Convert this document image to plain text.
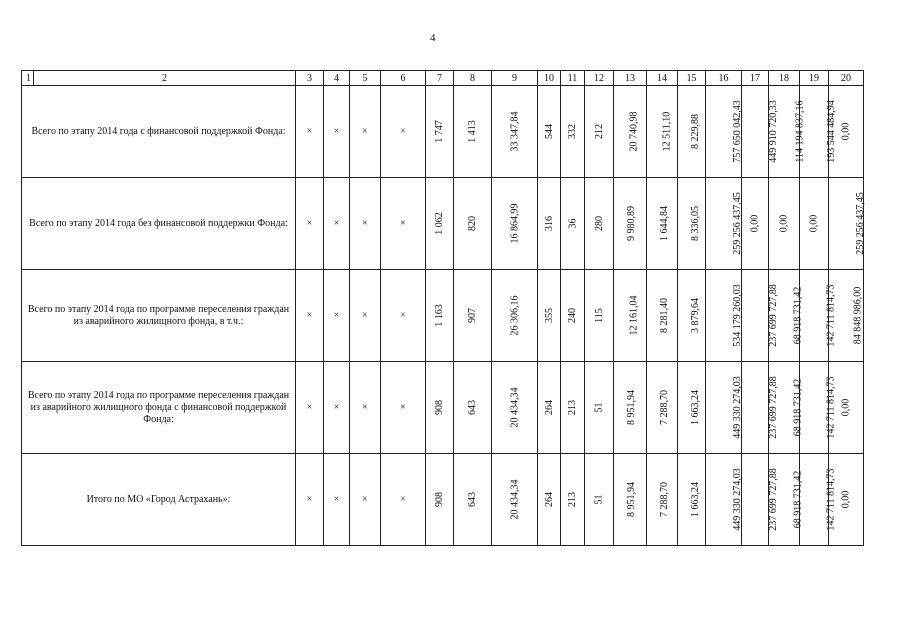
4
1	2	3	4	5	6	7	8	9	10	11	12	13	14	15	16	17	18	19	20
Всего по этапу 2014 года с финансовой поддержкой Фонда:		×	×	×	×	1 747	1 413	33 347,84	544	332	212	20 740,98	12 511,10	8 229,88	757 650 042,43	449 910 720,33	114 194 837,16	193 544 484,94	0,00
Всего по этапу 2014 года без финансовой поддержки Фонда:		×	×	×	×	1 062	820	16 864,99	316	36	280	9 980,89	1 644,84	8 336,05	259 256 437,45	0,00	0,00	0,00	259 256 437,45
Всего по этапу 2014 года по программе переселения граждан из аварийного жилищного фонда, в т.ч.:		×	×	×	×	1 163	907	26 306,16	355	240	115	12 161,04	8 281,40	3 879,64	534 179 260,03	237 699 727,88	68 918 731,42	142 711 814,73	84 848 986,00
Всего по этапу 2014 года по программе переселения граждан из аварийного жилищного фонда с финансовой поддержкой Фонда:		×	×	×	×	908	643	20 434,34	264	213	51	8 951,94	7 288,70	1 663,24	449 330 274,03	237 699 727,88	68 918 731,42	142 711 814,73	0,00
Итого по МО «Город Астрахань»:		×	×	×	×	908	643	20 434,34	264	213	51	8 951,94	7 288,70	1 663,24	449 330 274,03	237 699 727,88	68 918 731,42	142 711 814,73	0,00
